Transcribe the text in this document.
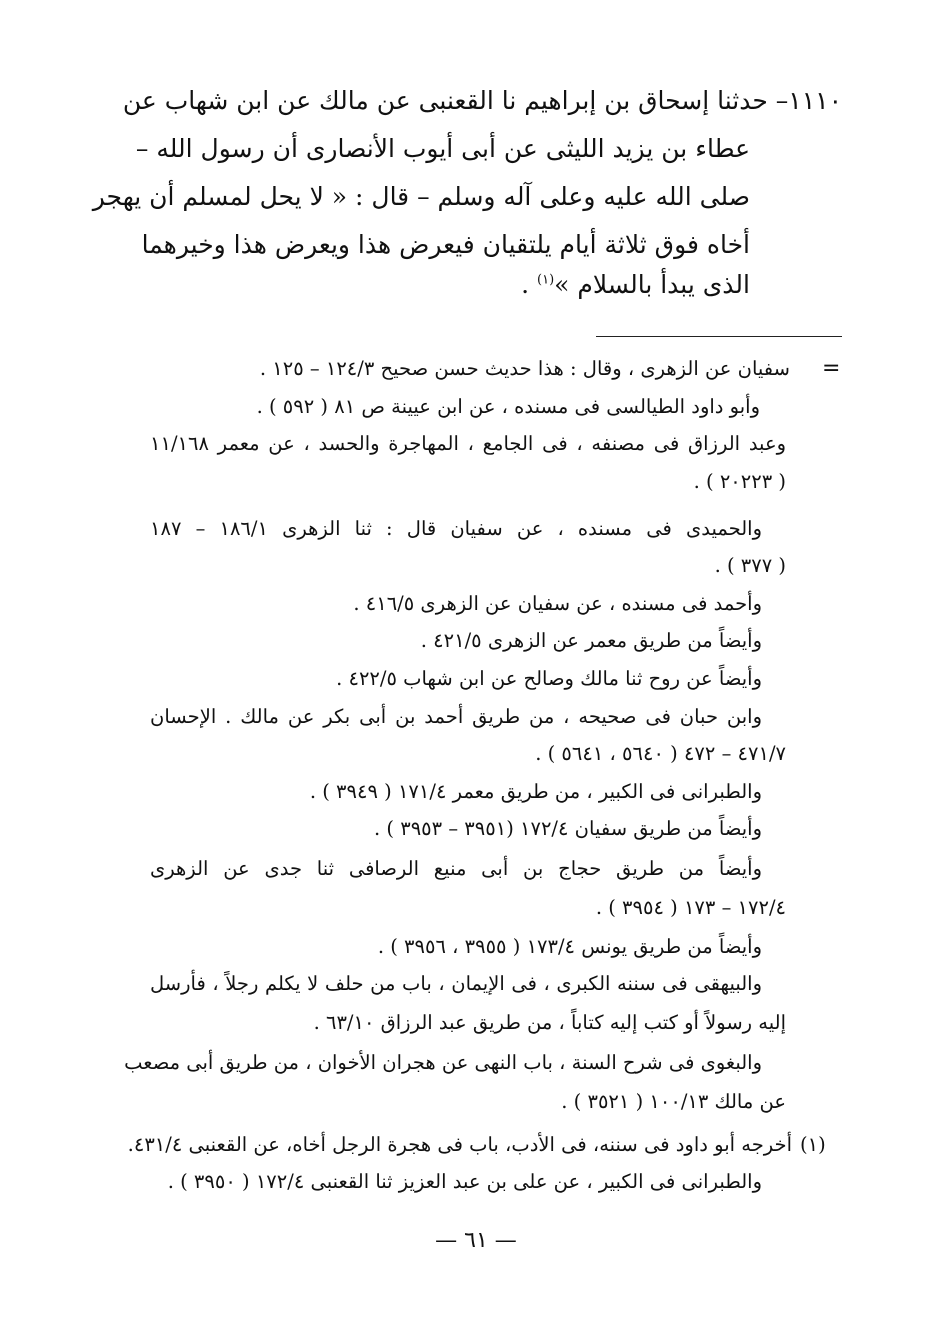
١١١٠– حدثنا إسحاق بن إبراهيم نا القعنبى عن مالك عن ابن شهاب عن
عطاء بن يزيد الليثى عن أبى أيوب الأنصارى أن رسول الله –
صلى الله عليه وعلى آله وسلم – قال : « لا يحل لمسلم أن يهجر
أخاه فوق ثلاثة أيام يلتقيان فيعرض هذا ويعرض هذا وخيرهما
الذى يبدأ بالسلام »$^{(١)}$ .
=
سفيان عن الزهرى ، وقال : هذا حديث حسن صحيح ١٢٤/٣ – ١٢٥ .
وأبو داود الطيالسى فى مسنده ، عن ابن عيينة ص ٨١ ( ٥٩٢ ) .
وعبد الرزاق فى مصنفه ، فى الجامع ، المهاجرة والحسد ، عن معمر ١١/١٦٨
( ٢٠٢٢٣ ) .
والحميدى فى مسنده ، عن سفيان قال : ثنا الزهرى ١٨٦/١ – ١٨٧
( ٣٧٧ ) .
وأحمد فى مسنده ، عن سفيان عن الزهرى ٤١٦/٥ .
وأيضاً من طريق معمر عن الزهرى ٤٢١/٥ .
وأيضاً عن روح ثنا مالك وصالح عن ابن شهاب ٤٢٢/٥ .
وابن حبان فى صحيحه ، من طريق أحمد بن أبى بكر عن مالك . الإحسان
٤٧١/٧ – ٤٧٢ ( ٥٦٤٠ ، ٥٦٤١ ) .
والطبرانى فى الكبير ، من طريق معمر ١٧١/٤ ( ٣٩٤٩ ) .
وأيضاً من طريق سفيان ١٧٢/٤ (٣٩٥١ – ٣٩٥٣ ) .
وأيضاً من طريق حجاج بن أبى منيع الرصافى ثنا جدى عن الزهرى
١٧٢/٤ – ١٧٣ ( ٣٩٥٤ ) .
وأيضاً من طريق يونس ١٧٣/٤ ( ٣٩٥٥ ، ٣٩٥٦ ) .
والبيهقى فى سننه الكبرى ، فى الإيمان ، باب من حلف لا يكلم رجلاً ، فأرسل
إليه رسولاً أو كتب إليه كتاباً ، من طريق عبد الرزاق ٦٣/١٠ .
والبغوى فى شرح السنة ، باب النهى عن هجران الأخوان ، من طريق أبى مصعب
عن مالك ١٠٠/١٣ ( ٣٥٢١ ) .
(١)
أخرجه أبو داود فى سننه، فى الأدب، باب فى هجرة الرجل أخاه، عن القعنبى ٤٣١/٤.
والطبرانى فى الكبير ، عن على بن عبد العزيز ثنا القعنبى ١٧٢/٤ ( ٣٩٥٠ ) .
— ٦١ —
